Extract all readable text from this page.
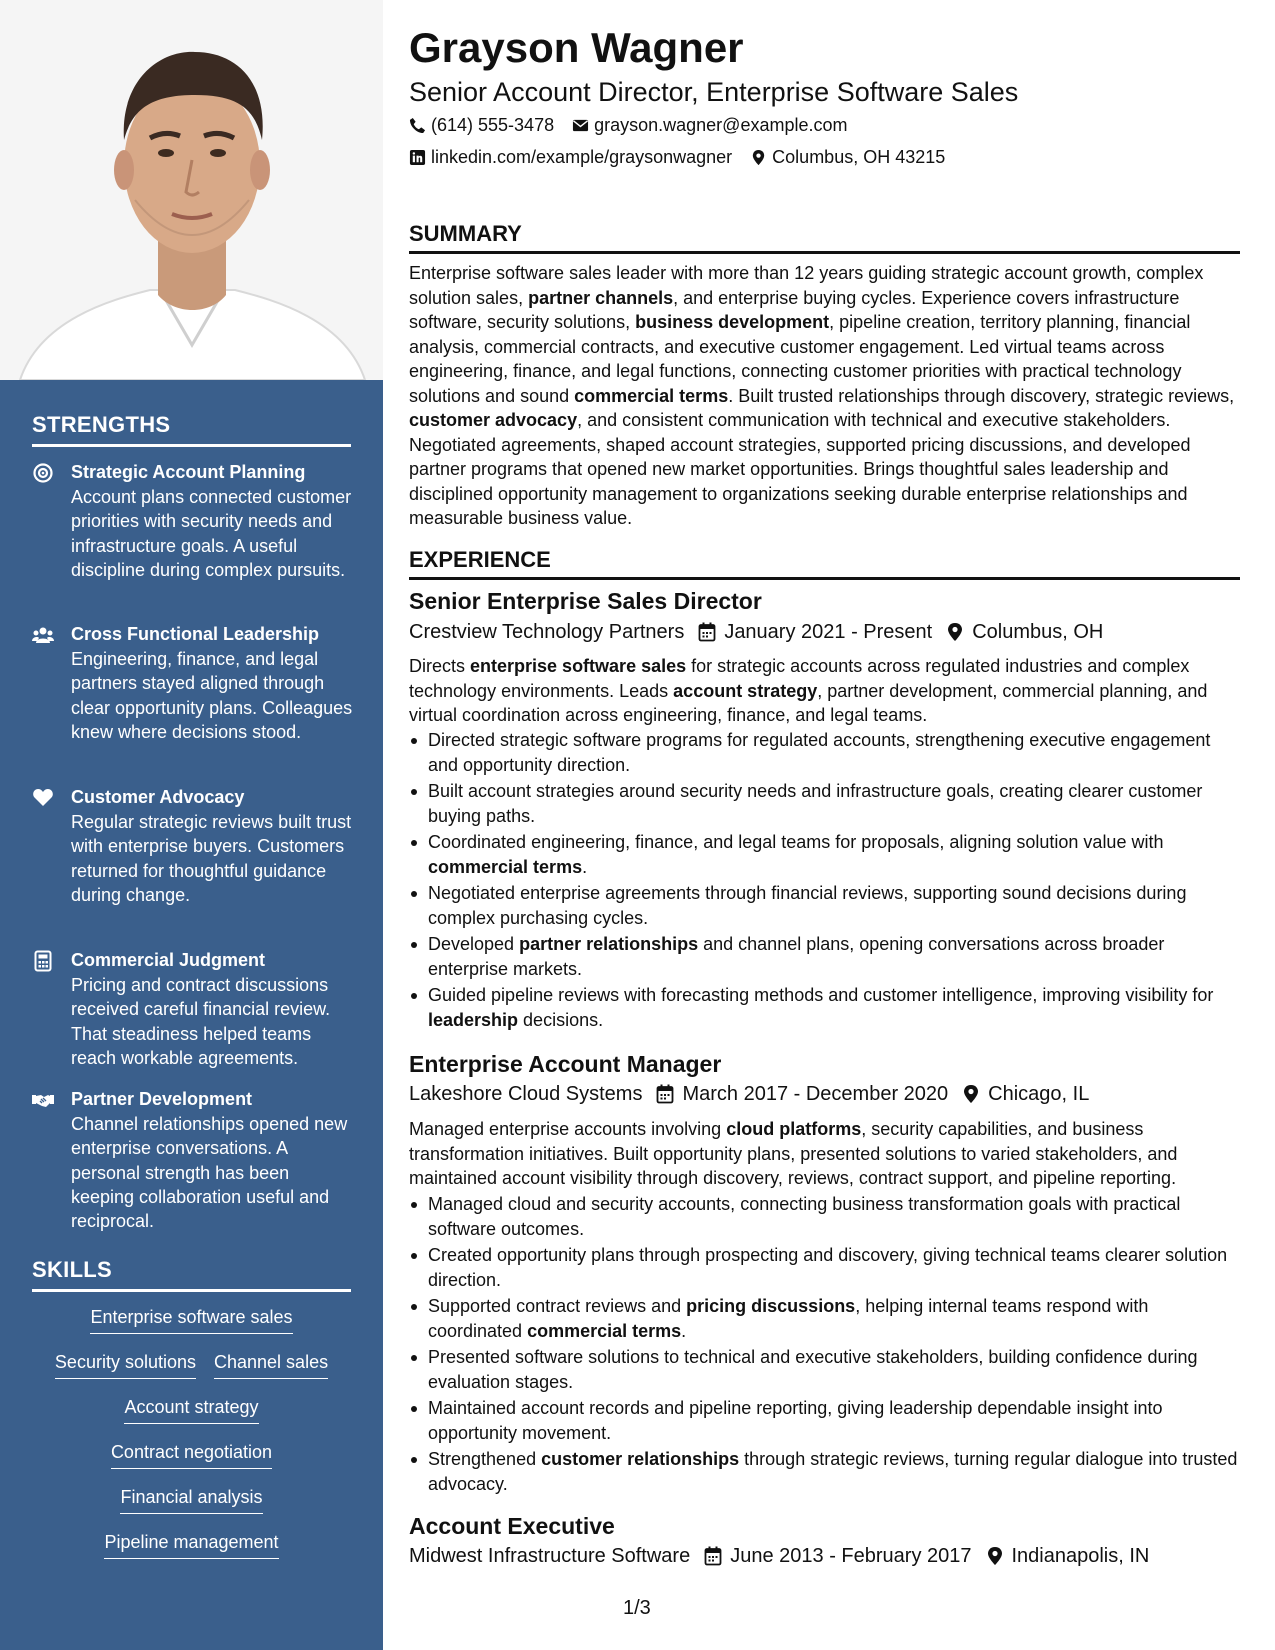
STRENGTHS
Strategic Account Planning
Account plans connected customer priorities with security needs and infrastructure goals. A useful discipline during complex pursuits.
Cross Functional Leadership
Engineering, finance, and legal partners stayed aligned through clear opportunity plans. Colleagues knew where decisions stood.
Customer Advocacy
Regular strategic reviews built trust with enterprise buyers. Customers returned for thoughtful guidance during change.
Commercial Judgment
Pricing and contract discussions received careful financial review. That steadiness helped teams reach workable agreements.
Partner Development
Channel relationships opened new enterprise conversations. A personal strength has been keeping collaboration useful and reciprocal.
SKILLS
Enterprise software sales
Security solutions Channel sales
Account strategy
Contract negotiation
Financial analysis
Pipeline management
Grayson Wagner
Senior Account Director, Enterprise Software Sales
(614) 555-3478 grayson.wagner@example.com
linkedin.com/example/graysonwagner Columbus, OH 43215
SUMMARY
Enterprise software sales leader with more than 12 years guiding strategic account growth, complex solution sales, partner channels, and enterprise buying cycles. Experience covers infrastructure software, security solutions, business development, pipeline creation, territory planning, financial analysis, commercial contracts, and executive customer engagement. Led virtual teams across engineering, finance, and legal functions, connecting customer priorities with practical technology solutions and sound commercial terms. Built trusted relationships through discovery, strategic reviews, customer advocacy, and consistent communication with technical and executive stakeholders. Negotiated agreements, shaped account strategies, supported pricing discussions, and developed partner programs that opened new market opportunities. Brings thoughtful sales leadership and disciplined opportunity management to organizations seeking durable enterprise relationships and measurable business value.
EXPERIENCE
Senior Enterprise Sales Director
Crestview Technology Partners January 2021 - Present Columbus, OH
Directs enterprise software sales for strategic accounts across regulated industries and complex technology environments. Leads account strategy, partner development, commercial planning, and virtual coordination across engineering, finance, and legal teams.
Directed strategic software programs for regulated accounts, strengthening executive engagement and opportunity direction.
Built account strategies around security needs and infrastructure goals, creating clearer customer buying paths.
Coordinated engineering, finance, and legal teams for proposals, aligning solution value with commercial terms.
Negotiated enterprise agreements through financial reviews, supporting sound decisions during complex purchasing cycles.
Developed partner relationships and channel plans, opening conversations across broader enterprise markets.
Guided pipeline reviews with forecasting methods and customer intelligence, improving visibility for leadership decisions.
Enterprise Account Manager
Lakeshore Cloud Systems March 2017 - December 2020 Chicago, IL
Managed enterprise accounts involving cloud platforms, security capabilities, and business transformation initiatives. Built opportunity plans, presented solutions to varied stakeholders, and maintained account visibility through discovery, reviews, contract support, and pipeline reporting.
Managed cloud and security accounts, connecting business transformation goals with practical software outcomes.
Created opportunity plans through prospecting and discovery, giving technical teams clearer solution direction.
Supported contract reviews and pricing discussions, helping internal teams respond with coordinated commercial terms.
Presented software solutions to technical and executive stakeholders, building confidence during evaluation stages.
Maintained account records and pipeline reporting, giving leadership dependable insight into opportunity movement.
Strengthened customer relationships through strategic reviews, turning regular dialogue into trusted advocacy.
Account Executive
Midwest Infrastructure Software June 2013 - February 2017 Indianapolis, IN
1/3
